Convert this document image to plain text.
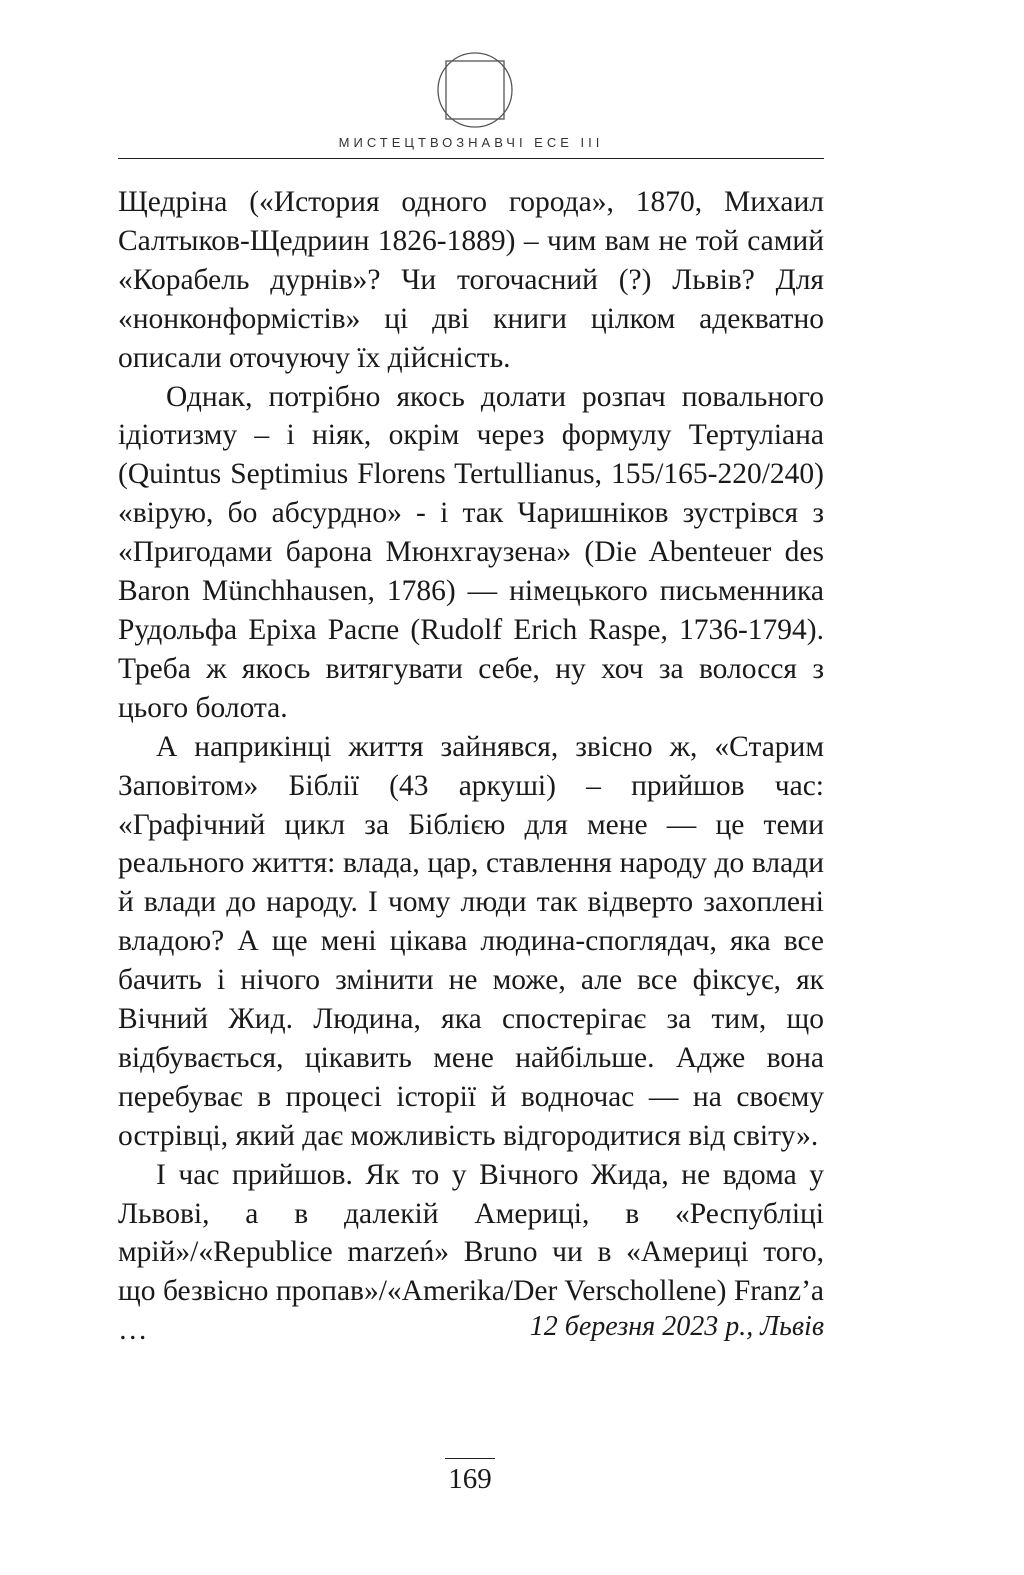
МИСТЕЦТВОЗНАВЧІ ЕСЕ III

Щедріна («История одного города», 1870, Михаил Салтыков-Щедриин 1826-1889) – чим вам не той самий «Корабель дурнів»? Чи тогочасний (?) Львів? Для «нонконформістів» ці дві книги цілком адекватно описали оточуючу їх дійсність.

Однак, потрібно якось долати розпач повального ідіотизму – і ніяк, окрім через формулу Тертуліана (Quintus Septimius Florens Tertullianus, 155/165-220/240) «вірую, бо абсурдно» - і так Чаришніков зустрівся з «Пригодами барона Мюнхгаузена» (Die Abenteuer des Baron Münchhausen, 1786) — німецького письменника Рудольфа Еріха Распе (Rudolf Erich Raspe, 1736-1794). Треба ж якось витягувати себе, ну хоч за волосся з цього болота.

А наприкінці життя зайнявся, звісно ж, «Старим Заповітом» Біблії (43 аркуші) – прийшов час: «Графічний цикл за Біблією для мене — це теми реального життя: влада, цар, ставлення народу до влади й влади до народу. І чому люди так відверто захоплені владою? А ще мені цікава людина-споглядач, яка все бачить і нічого змінити не може, але все фіксує, як Вічний Жид. Людина, яка спостерігає за тим, що відбувається, цікавить мене найбільше. Адже вона перебуває в процесі історії й водночас — на своєму острівці, який дає можливість відгородитися від світу».

І час прийшов. Як то у Вічного Жида, не вдома у Львові, а в далекій Америці, в «Республіці мрій»/«Republice marzeń» Bruno чи в «Америці того, що безвісно пропав»/«Amerika/Der Verschollene) Franz’a …	12 березня 2023 р., Львів
169
